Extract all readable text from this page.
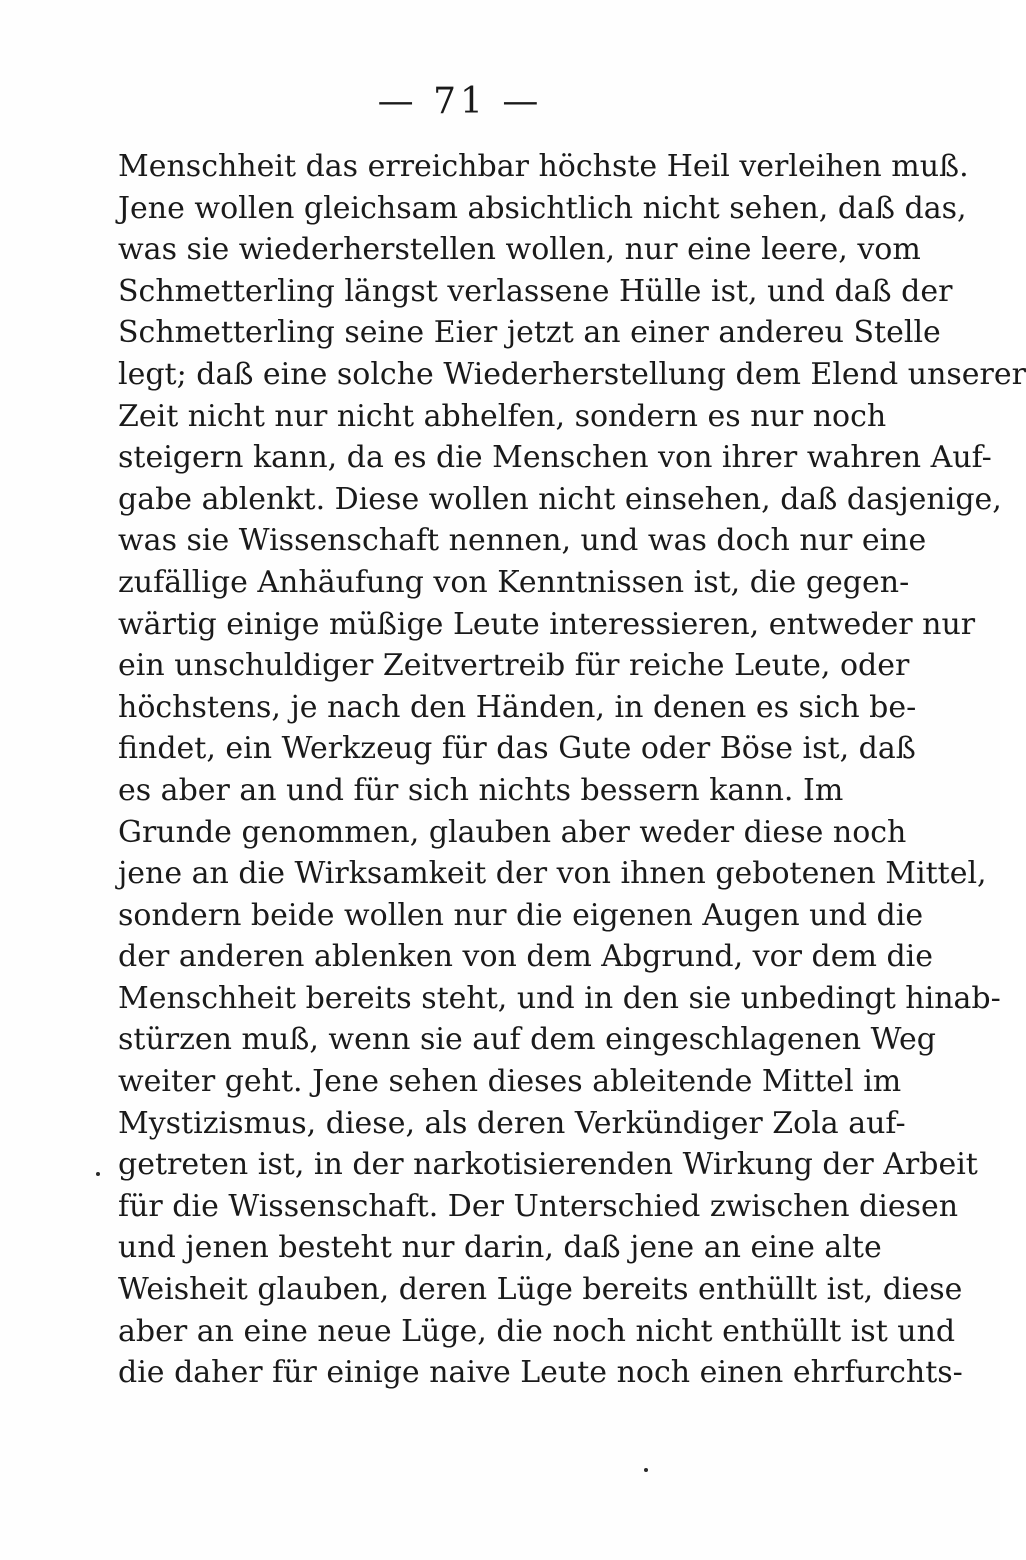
— 71 —
Menschheit das erreichbar höchste Heil verleihen muß.
Jene wollen gleichsam absichtlich nicht sehen, daß das,
was sie wiederherstellen wollen, nur eine leere, vom
Schmetterling längst verlassene Hülle ist, und daß der
Schmetterling seine Eier jetzt an einer andereu Stelle
legt; daß eine solche Wiederherstellung dem Elend unserer
Zeit nicht nur nicht abhelfen, sondern es nur noch
steigern kann, da es die Menschen von ihrer wahren Auf-
gabe ablenkt. Diese wollen nicht einsehen, daß dasjenige,
was sie Wissenschaft nennen, und was doch nur eine
zufällige Anhäufung von Kenntnissen ist, die gegen-
wärtig einige müßige Leute interessieren, entweder nur
ein unschuldiger Zeitvertreib für reiche Leute, oder
höchstens, je nach den Händen, in denen es sich be-
findet, ein Werkzeug für das Gute oder Böse ist, daß
es aber an und für sich nichts bessern kann. Im
Grunde genommen, glauben aber weder diese noch
jene an die Wirksamkeit der von ihnen gebotenen Mittel,
sondern beide wollen nur die eigenen Augen und die
der anderen ablenken von dem Abgrund, vor dem die
Menschheit bereits steht, und in den sie unbedingt hinab-
stürzen muß, wenn sie auf dem eingeschlagenen Weg
weiter geht. Jene sehen dieses ableitende Mittel im
Mystizismus, diese, als deren Verkündiger Zola auf-
getreten ist, in der narkotisierenden Wirkung der Arbeit
für die Wissenschaft. Der Unterschied zwischen diesen
und jenen besteht nur darin, daß jene an eine alte
Weisheit glauben, deren Lüge bereits enthüllt ist, diese
aber an eine neue Lüge, die noch nicht enthüllt ist und
die daher für einige naive Leute noch einen ehrfurchts-
